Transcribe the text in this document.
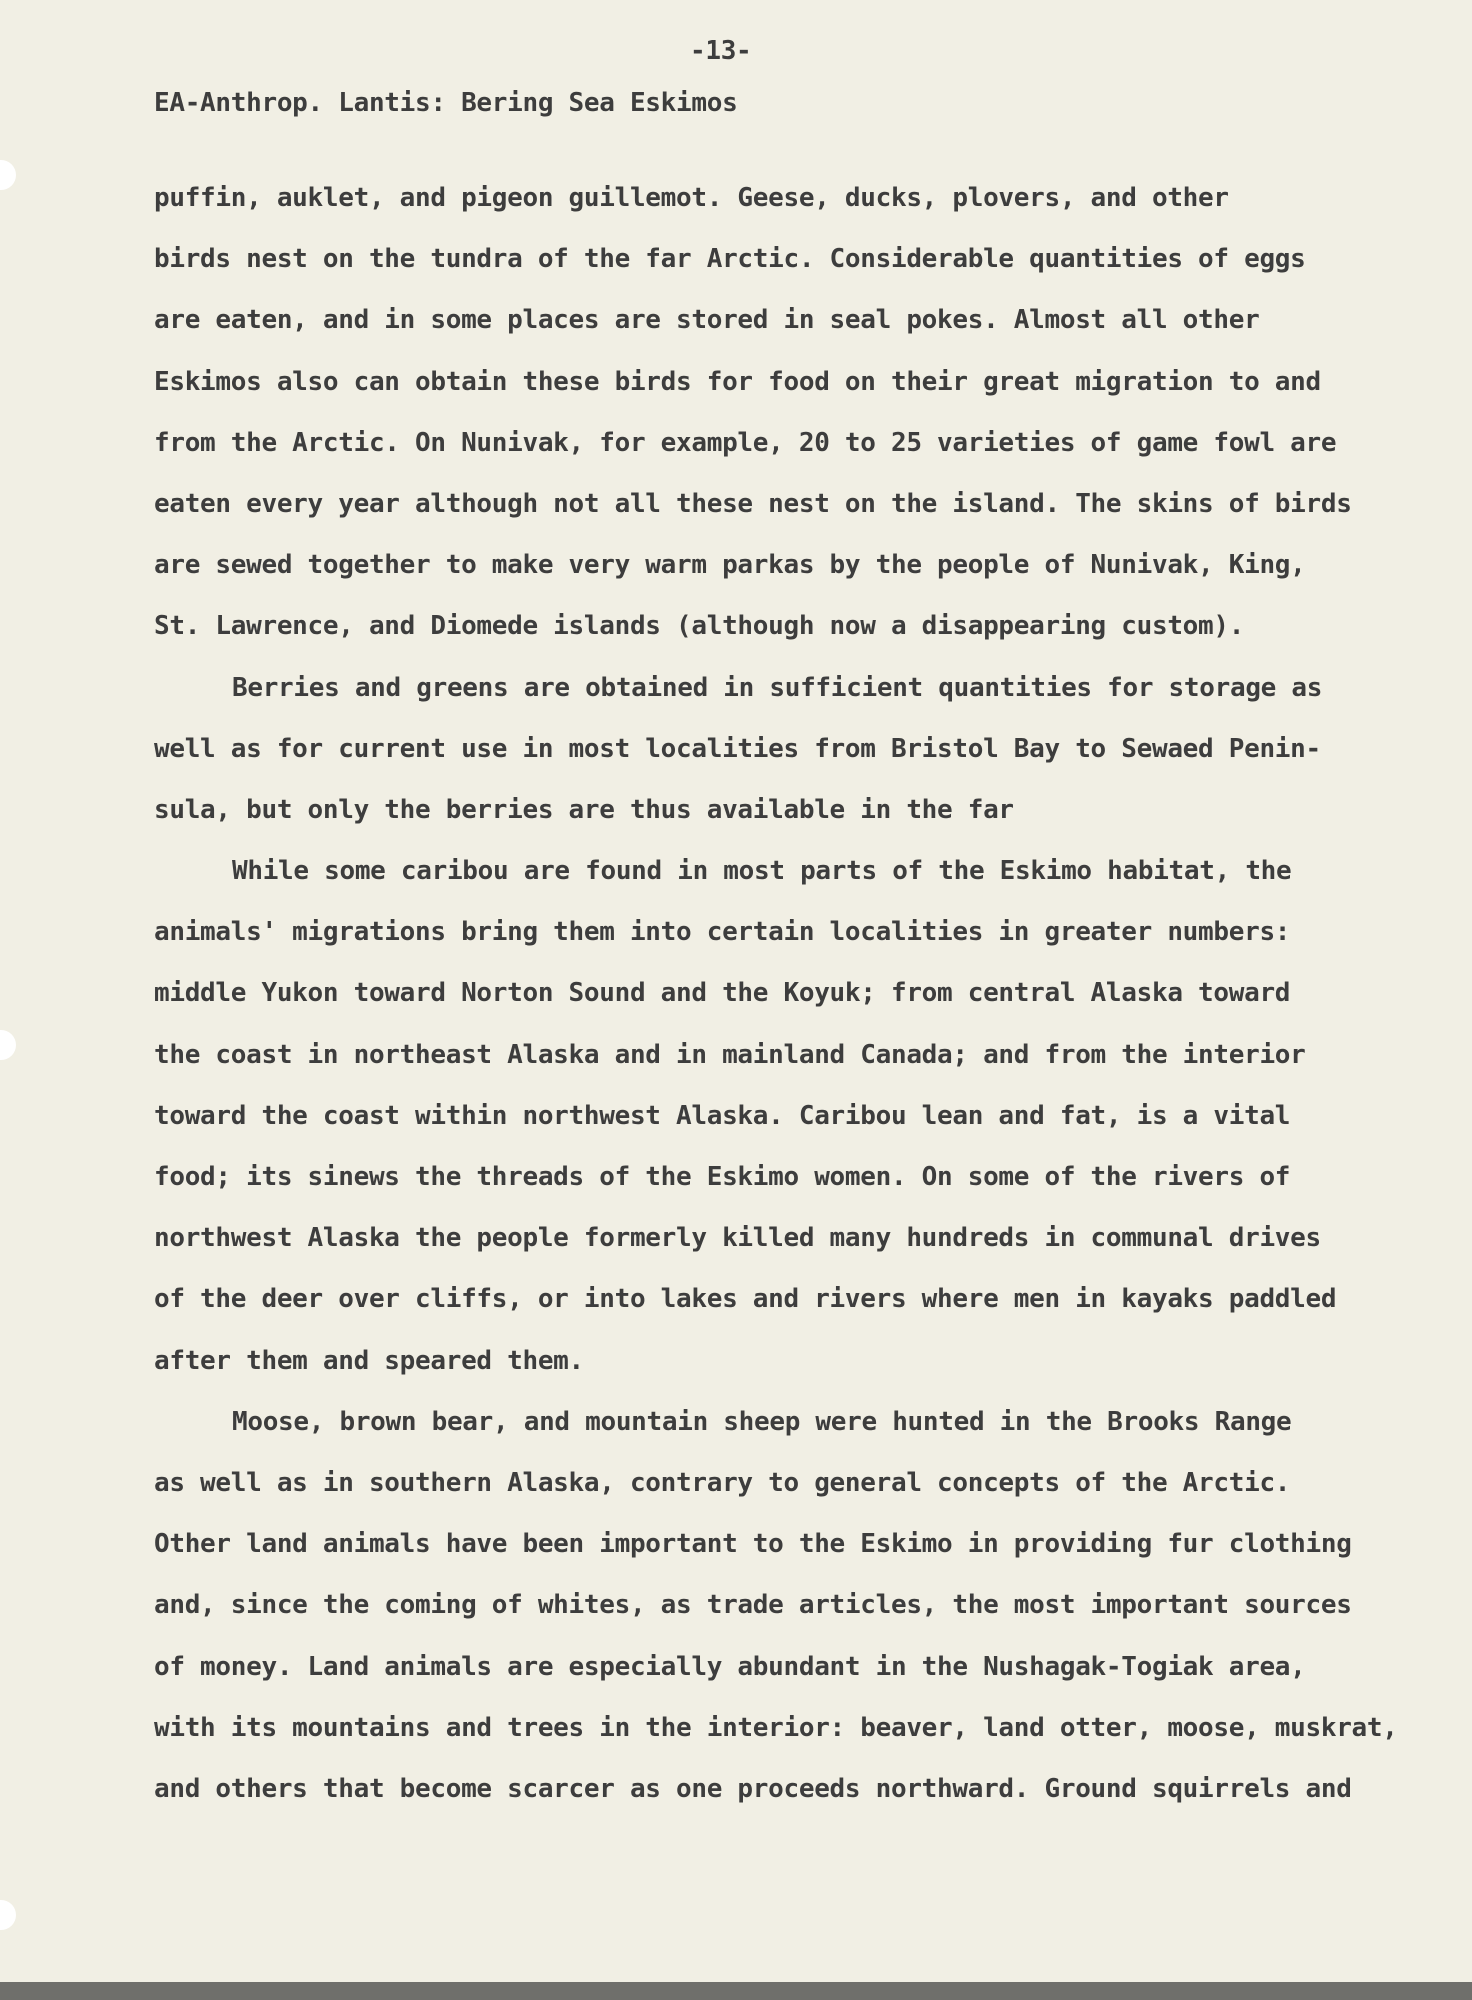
-13-
EA-Anthrop. Lantis: Bering Sea Eskimos
puffin, auklet, and pigeon guillemot. Geese, ducks, plovers, and other
birds nest on the tundra of the far Arctic. Considerable quantities of eggs
are eaten, and in some places are stored in seal pokes. Almost all other
Eskimos also can obtain these birds for food on their great migration to and
from the Arctic. On Nunivak, for example, 20 to 25 varieties of game fowl are
eaten every year although not all these nest on the island. The skins of birds
are sewed together to make very warm parkas by the people of Nunivak, King,
St. Lawrence, and Diomede islands (although now a disappearing custom).
Berries and greens are obtained in sufficient quantities for storage as
well as for current use in most localities from Bristol Bay to Sewaed Penin-
sula, but only the berries are thus available in the far
While some caribou are found in most parts of the Eskimo habitat, the
animals' migrations bring them into certain localities in greater numbers:
middle Yukon toward Norton Sound and the Koyuk; from central Alaska toward
the coast in northeast Alaska and in mainland Canada; and from the interior
toward the coast within northwest Alaska. Caribou lean and fat, is a vital
food; its sinews the threads of the Eskimo women. On some of the rivers of
northwest Alaska the people formerly killed many hundreds in communal drives
of the deer over cliffs, or into lakes and rivers where men in kayaks paddled
after them and speared them.
Moose, brown bear, and mountain sheep were hunted in the Brooks Range
as well as in southern Alaska, contrary to general concepts of the Arctic.
Other land animals have been important to the Eskimo in providing fur clothing
and, since the coming of whites, as trade articles, the most important sources
of money. Land animals are especially abundant in the Nushagak-Togiak area,
with its mountains and trees in the interior: beaver, land otter, moose, muskrat,
and others that become scarcer as one proceeds northward. Ground squirrels and
